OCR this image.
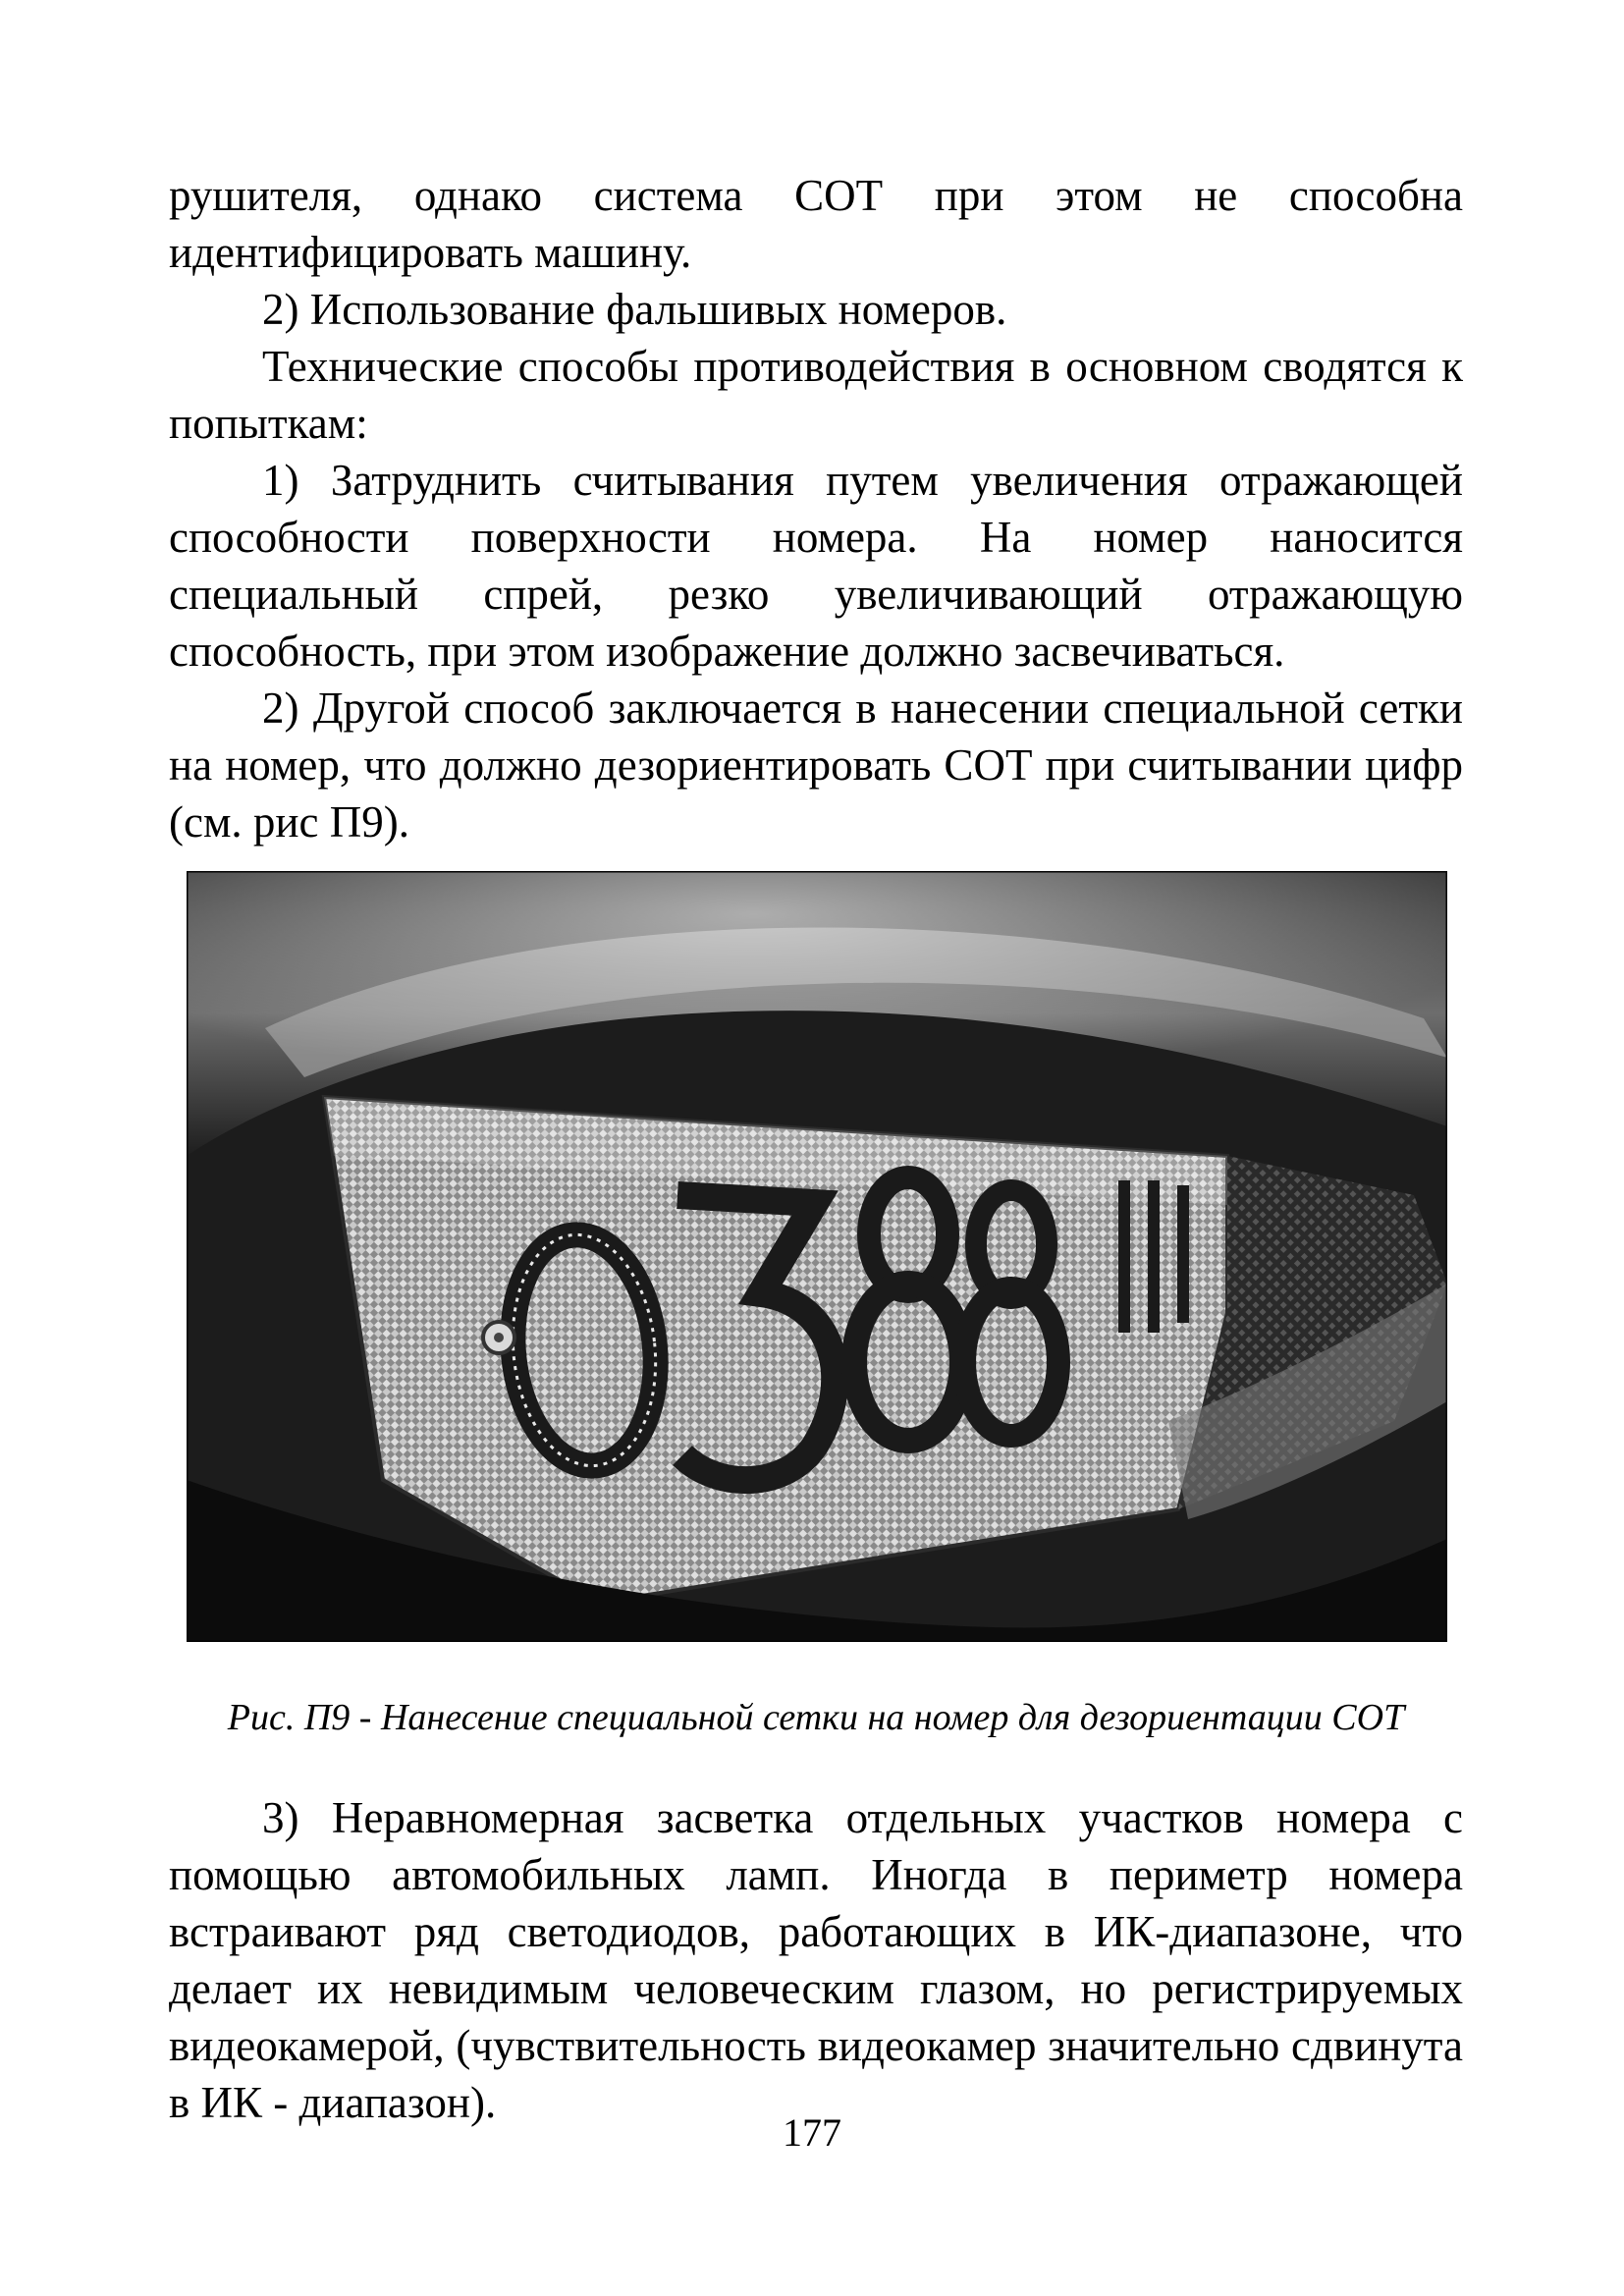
рушителя, однако система СОТ при этом не способна идентифицировать машину.

2) Использование фальшивых номеров.

Технические способы противодействия в основном сводятся к попыткам:

1) Затруднить считывания путем увеличения отражающей способности поверхности номера. На номер наносится специальный спрей, резко увеличивающий отражающую способность, при этом изображение должно засвечиваться.

2) Другой способ заключается в нанесении специальной сетки на номер, что должно дезориентировать СОТ при считывании цифр (см. рис П9).

Рис. П9 - Нанесение специальной сетки на номер для дезориентации СОТ

3) Неравномерная засветка отдельных участков номера с помощью автомобильных ламп. Иногда в периметр номера встраивают ряд светодиодов, работающих в ИК-диапазоне, что делает их невидимым человеческим глазом, но регистрируемых видеокамерой, (чувствительность видеокамер значительно сдвинута в ИК - диапазон).

177
